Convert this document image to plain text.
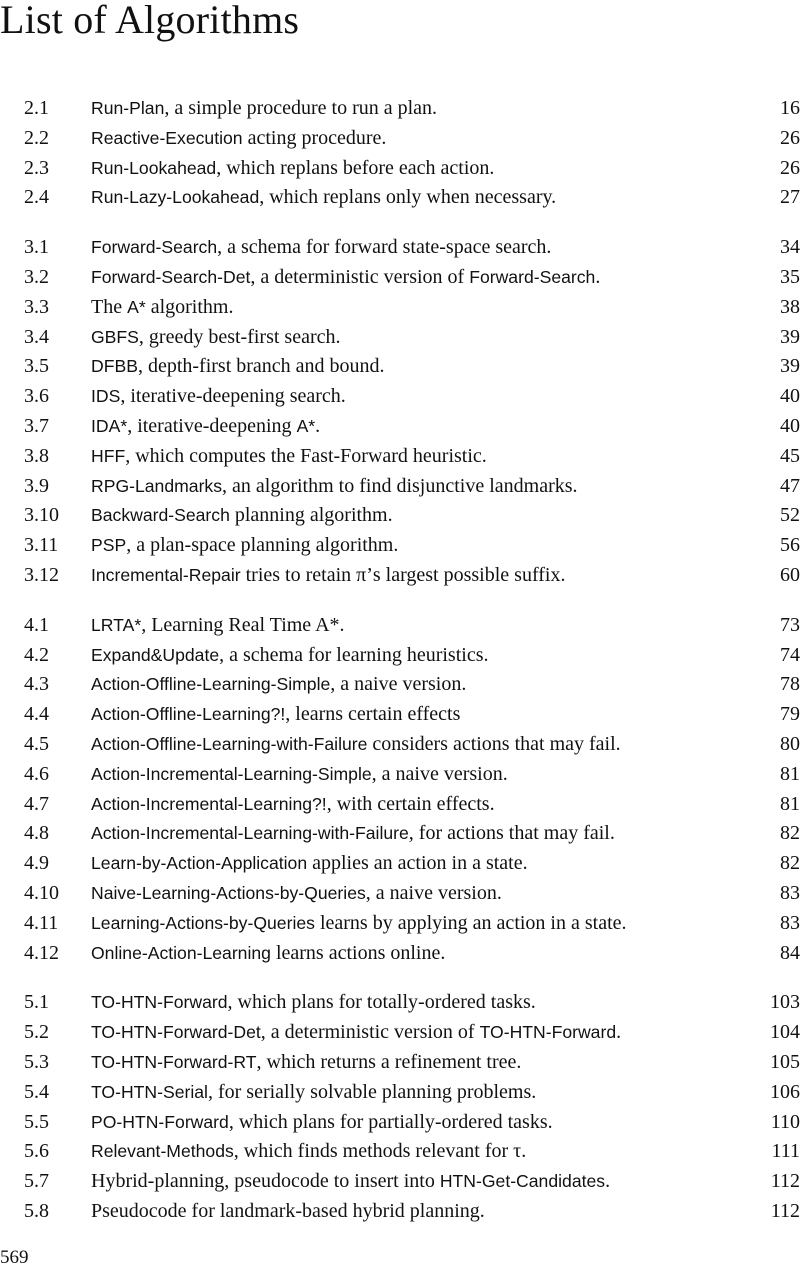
List of Algorithms
2.1 Run-Plan, a simple procedure to run a plan.	16
2.2 Reactive-Execution acting procedure.	26
2.3 Run-Lookahead, which replans before each action.	26
2.4 Run-Lazy-Lookahead, which replans only when necessary.	27
3.1 Forward-Search, a schema for forward state-space search.	34
3.2 Forward-Search-Det, a deterministic version of Forward-Search.	35
3.3 The A* algorithm.	38
3.4 GBFS, greedy best-first search.	39
3.5 DFBB, depth-first branch and bound.	39
3.6 IDS, iterative-deepening search.	40
3.7 IDA*, iterative-deepening A*.	40
3.8 HFF, which computes the Fast-Forward heuristic.	45
3.9 RPG-Landmarks, an algorithm to find disjunctive landmarks.	47
3.10 Backward-Search planning algorithm.	52
3.11 PSP, a plan-space planning algorithm.	56
3.12 Incremental-Repair tries to retain π’s largest possible suffix.	60
4.1 LRTA*, Learning Real Time A*.	73
4.2 Expand&Update, a schema for learning heuristics.	74
4.3 Action-Offline-Learning-Simple, a naive version.	78
4.4 Action-Offline-Learning?!, learns certain effects	79
4.5 Action-Offline-Learning-with-Failure considers actions that may fail.	80
4.6 Action-Incremental-Learning-Simple, a naive version.	81
4.7 Action-Incremental-Learning?!, with certain effects.	81
4.8 Action-Incremental-Learning-with-Failure, for actions that may fail.	82
4.9 Learn-by-Action-Application applies an action in a state.	82
4.10 Naive-Learning-Actions-by-Queries, a naive version.	83
4.11 Learning-Actions-by-Queries learns by applying an action in a state.	83
4.12 Online-Action-Learning learns actions online.	84
5.1 TO-HTN-Forward, which plans for totally-ordered tasks.	103
5.2 TO-HTN-Forward-Det, a deterministic version of TO-HTN-Forward.	104
5.3 TO-HTN-Forward-RT, which returns a refinement tree.	105
5.4 TO-HTN-Serial, for serially solvable planning problems.	106
5.5 PO-HTN-Forward, which plans for partially-ordered tasks.	110
5.6 Relevant-Methods, which finds methods relevant for τ.	111
5.7 Hybrid-planning, pseudocode to insert into HTN-Get-Candidates.	112
5.8 Pseudocode for landmark-based hybrid planning.	112
569
